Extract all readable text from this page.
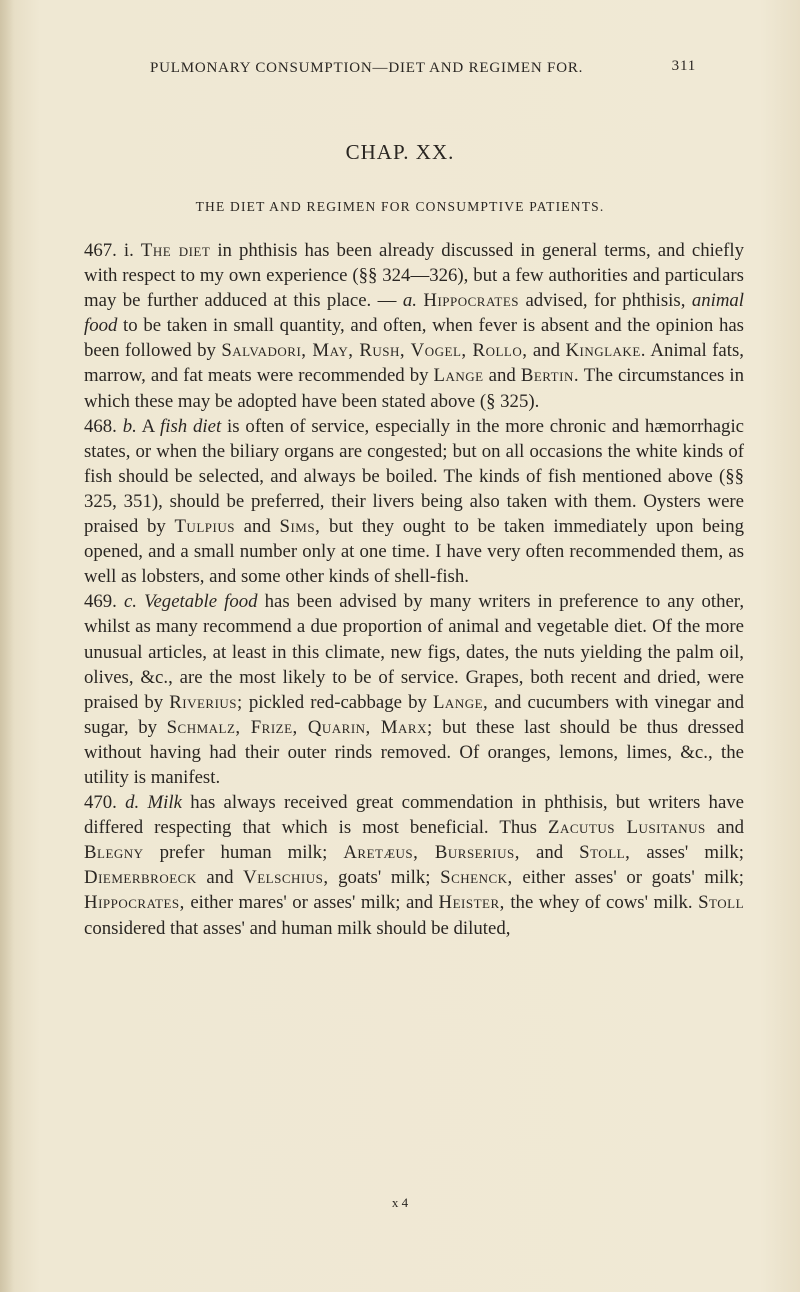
PULMONARY CONSUMPTION—DIET AND REGIMEN FOR.	311
CHAP. XX.
THE DIET AND REGIMEN FOR CONSUMPTIVE PATIENTS.

467. i. The diet in phthisis has been already discussed in general terms, and chiefly with respect to my own experience (§§ 324—326), but a few authorities and particulars may be further adduced at this place. — a. Hippocrates advised, for phthisis, animal food to be taken in small quantity, and often, when fever is absent and the opinion has been followed by Salvadori, May, Rush, Vogel, Rollo, and Kinglake. Animal fats, marrow, and fat meats were recommended by Lange and Bertin. The circumstances in which these may be adopted have been stated above (§ 325).

468. b. A fish diet is often of service, especially in the more chronic and hæmorrhagic states, or when the biliary organs are congested; but on all occasions the white kinds of fish should be selected, and always be boiled. The kinds of fish mentioned above (§§ 325, 351), should be preferred, their livers being also taken with them. Oysters were praised by Tulpius and Sims, but they ought to be taken immediately upon being opened, and a small number only at one time. I have very often recommended them, as well as lobsters, and some other kinds of shell-fish.

469. c. Vegetable food has been advised by many writers in preference to any other, whilst as many recommend a due proportion of animal and vegetable diet. Of the more unusual articles, at least in this climate, new figs, dates, the nuts yielding the palm oil, olives, &c., are the most likely to be of service. Grapes, both recent and dried, were praised by Riverius; pickled red-cabbage by Lange, and cucumbers with vinegar and sugar, by Schmalz, Frize, Quarin, Marx; but these last should be thus dressed without having had their outer rinds removed. Of oranges, lemons, limes, &c., the utility is manifest.

470. d. Milk has always received great commendation in phthisis, but writers have differed respecting that which is most beneficial. Thus Zacutus Lusitanus and Blegny prefer human milk; Aretæus, Burserius, and Stoll, asses' milk; Diemerbroeck and Velschius, goats' milk; Schenck, either asses' or goats' milk; Hippocrates, either mares' or asses' milk; and Heister, the whey of cows' milk. Stoll considered that asses' and human milk should be diluted,

x 4
